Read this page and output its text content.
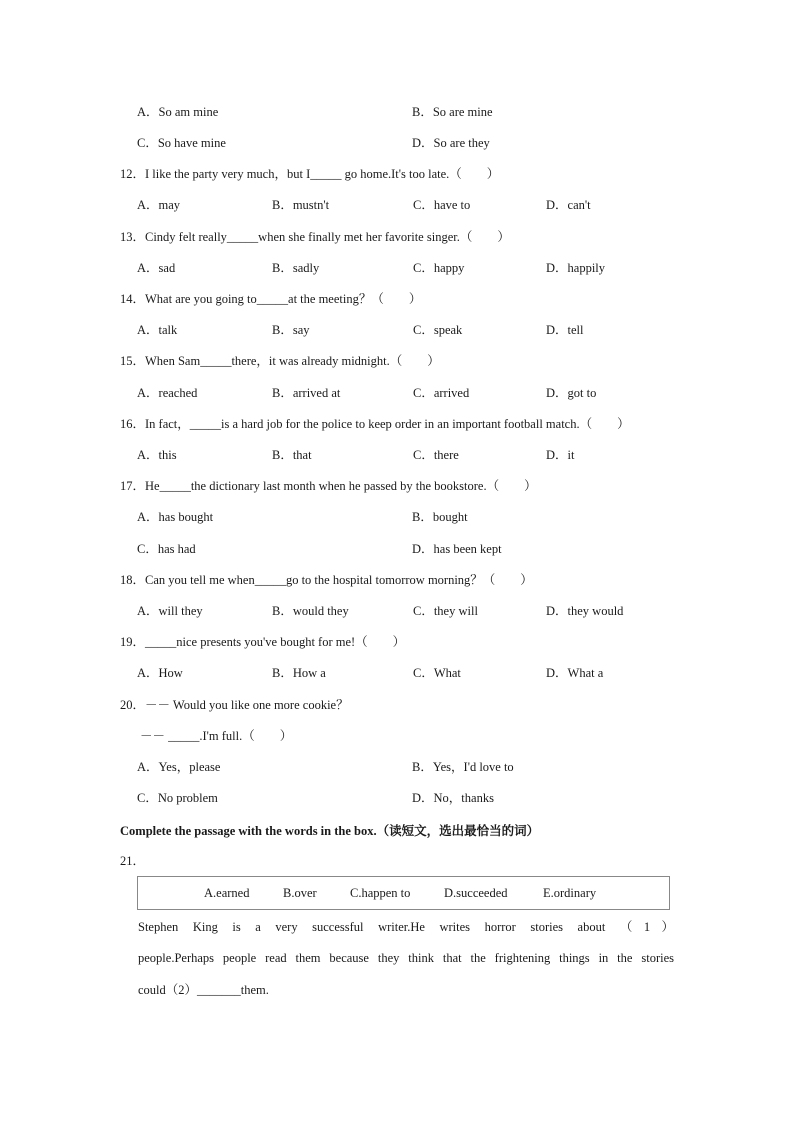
A．So am mine	B．So are mine
C．So have mine	D．So are they
12．I like the party very much，but I_____ go home.It's too late.（　　）
A．may	B．mustn't	C．have to	D．can't
13．Cindy felt really_____when she finally met her favorite singer.（　　）
A．sad	B．sadly	C．happy	D．happily
14．What are you going to_____at the meeting？（　　）
A．talk	B．say	C．speak	D．tell
15．When Sam_____there，it was already midnight.（　　）
A．reached	B．arrived at	C．arrived	D．got to
16．In fact，_____is a hard job for the police to keep order in an important football match.（　　）
A．this	B．that	C．there	D．it
17．He_____the dictionary last month when he passed by the bookstore.（　　）
A．has bought	B．bought
C．has had	D．has been kept
18．Can you tell me when_____go to the hospital tomorrow morning？（　　）
A．will they	B．would they	C．they will	D．they would
19．_____nice presents you've bought for me!（　　）
A．How	B．How a	C．What	D．What a
20．－－ Would you like one more cookie？
－－ _____.I'm full.（　　）
A．Yes，please	B．Yes，I'd love to
C．No problem	D．No，thanks
Complete the passage with the words in the box.（读短文，选出最恰当的词）
21．
A.earned	B.over	C.happen to	D.succeeded	E.ordinary
Stephen King is a very successful writer.He writes horror stories about （1）
people.Perhaps people read them because they think that the frightening things in the stories
could（2）_______them.
